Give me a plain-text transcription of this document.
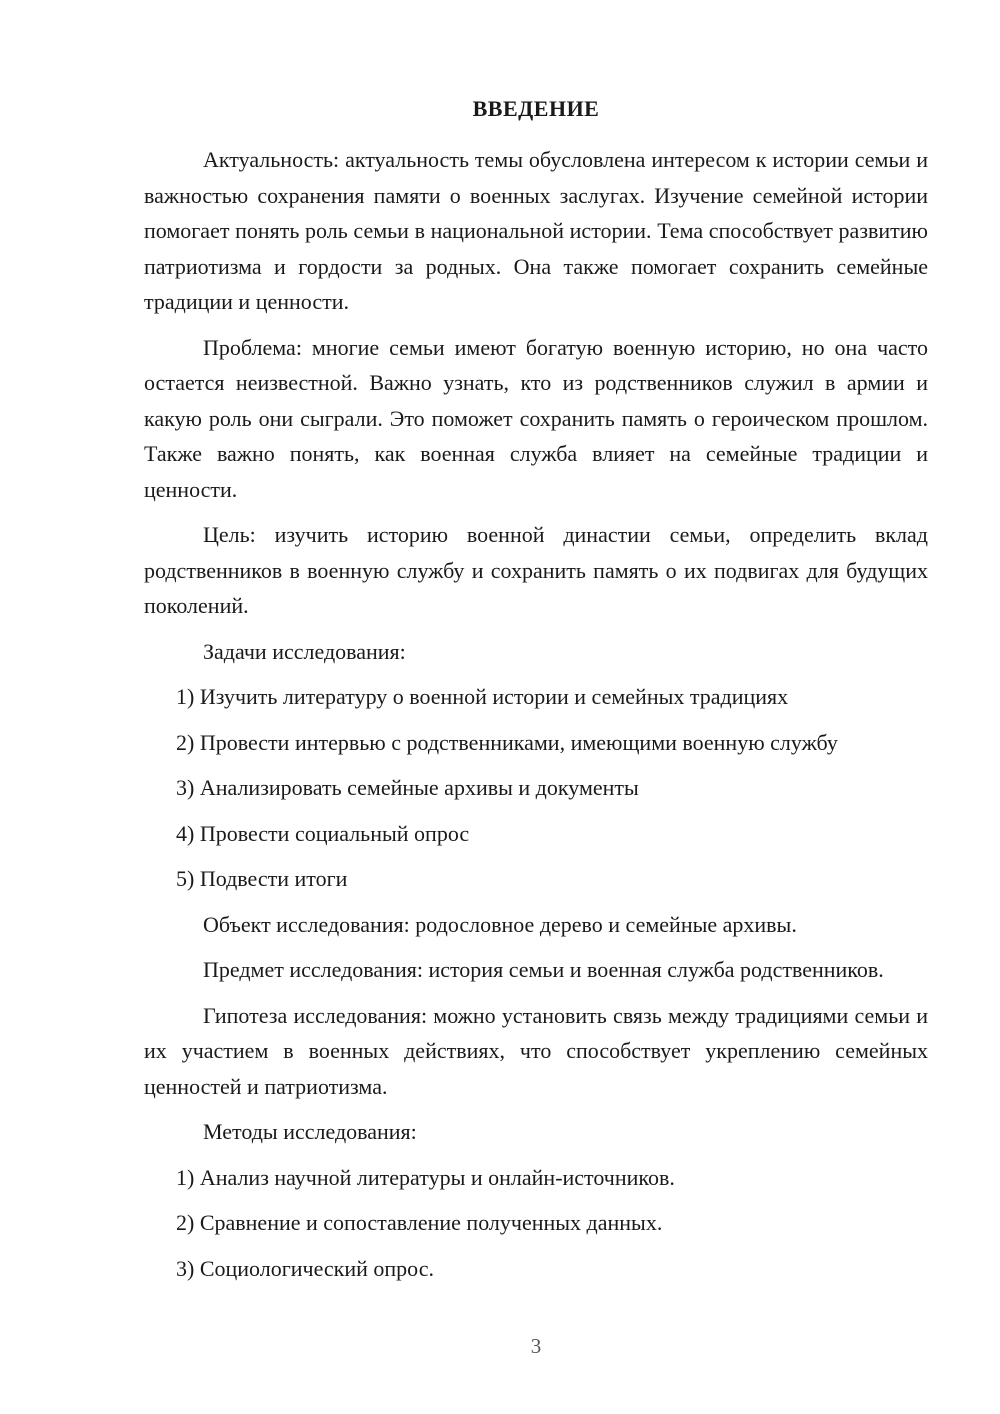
ВВЕДЕНИЕ

Актуальность: актуальность темы обусловлена интересом к истории семьи и важностью сохранения памяти о военных заслугах. Изучение семейной истории помогает понять роль семьи в национальной истории. Тема способствует развитию патриотизма и гордости за родных. Она также помогает сохранить семейные традиции и ценности.

Проблема: многие семьи имеют богатую военную историю, но она часто остается неизвестной. Важно узнать, кто из родственников служил в армии и какую роль они сыграли. Это поможет сохранить память о героическом прошлом. Также важно понять, как военная служба влияет на семейные традиции и ценности.

Цель: изучить историю военной династии семьи, определить вклад родственников в военную службу и сохранить память о их подвигах для будущих поколений.

Задачи исследования:

1) Изучить литературу о военной истории и семейных традициях

2) Провести интервью с родственниками, имеющими военную службу

3) Анализировать семейные архивы и документы

4) Провести социальный опрос

5) Подвести итоги

Объект исследования: родословное дерево и семейные архивы.

Предмет исследования: история семьи и военная служба родственников.

Гипотеза исследования: можно установить связь между традициями семьи и их участием в военных действиях, что способствует укреплению семейных ценностей и патриотизма.

Методы исследования:

1) Анализ научной литературы и онлайн-источников.

2) Сравнение и сопоставление полученных данных.

3) Социологический опрос.

3
